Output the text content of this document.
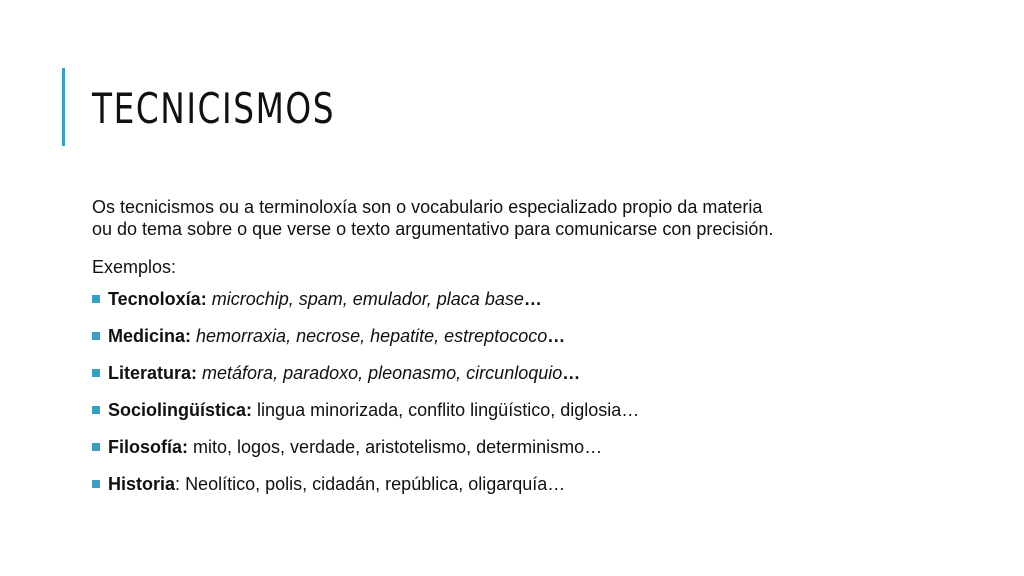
TECNICISMOS

Os tecnicismos ou a terminoloxía son o vocabulario especializado propio da materia
ou do tema sobre o que verse o texto argumentativo para comunicarse con precisión.

Exemplos:

Tecnoloxía: microchip, spam, emulador, placa base…
Medicina: hemorraxia, necrose, hepatite, estreptococo…
Literatura: metáfora, paradoxo, pleonasmo, circunloquio…
Sociolingüística: lingua minorizada, conflito lingüístico, diglosia…
Filosofía: mito, logos, verdade, aristotelismo, determinismo…
Historia: Neolítico, polis, cidadán, república, oligarquía…
